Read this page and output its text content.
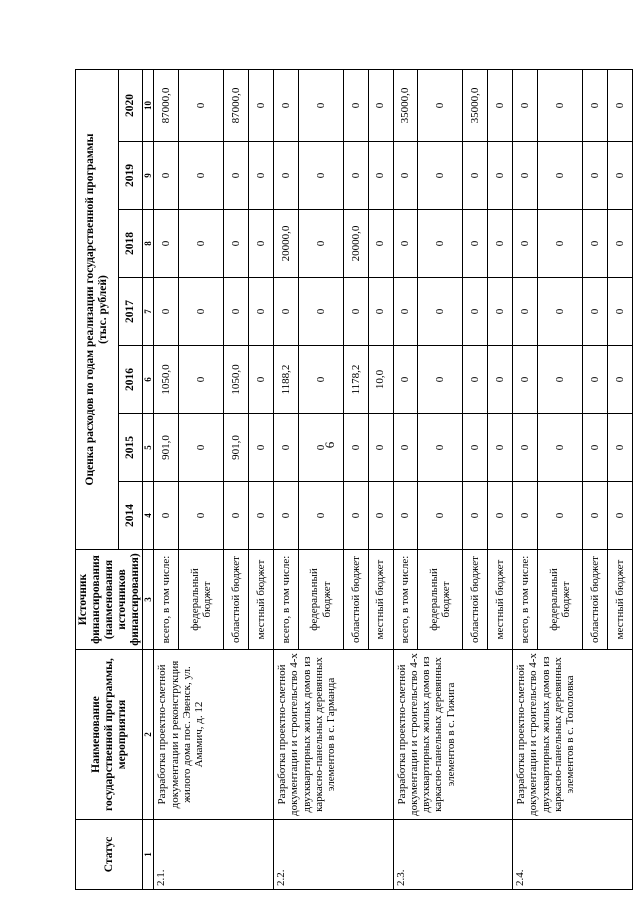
6
Статус	Наименование государственной программы, мероприятия	Источник финансирования (наименования источников финансирования)	Оценка расходов по годам реализации государственной программы
(тыс. рублей)						
			2014	2015	2016	2017	2018	2019	2020
1	2	3	4	5	6	7	8	9	10
2.1.	Разработка проектно-сметной документации и реконструкция жилого дома пос. Эвенск, ул. Амамич, д. 12	всего, в том числе:	0	901,0	1050,0	0	0	0	87000,0
		федеральный бюджет	0	0	0	0	0	0	0
		областной бюджет	0	901,0	1050,0	0	0	0	87000,0
		местный бюджет	0	0	0	0	0	0	0
2.2.	Разработка проектно-сметной документации и строительство 4-х двухквартирных жилых домов из каркасно-панельных деревянных элементов в с. Гарманда	всего, в том числе:	0	0	1188,2	0	20000,0	0	0
		федеральный бюджет	0	0	0	0	0	0	0
		областной бюджет	0	0	1178,2	0	20000,0	0	0
		местный бюджет	0	0	10,0	0	0	0	0
2.3.	Разработка проектно-сметной документации и строительство 4-х двухквартирных жилых домов из каркасно-панельных деревянных элементов в с. Гижига	всего, в том числе:	0	0	0	0	0	0	35000,0
		федеральный бюджет	0	0	0	0	0	0	0
		областной бюджет	0	0	0	0	0	0	35000,0
		местный бюджет	0	0	0	0	0	0	0
2.4.	Разработка проектно-сметной документации и строительство 4-х двухквартирных жилых домов из каркасно-панельных деревянных элементов в с. Тополовка	всего, в том числе:	0	0	0	0	0	0	0
		федеральный бюджет	0	0	0	0	0	0	0
		областной бюджет	0	0	0	0	0	0	0
		местный бюджет	0	0	0	0	0	0	0
